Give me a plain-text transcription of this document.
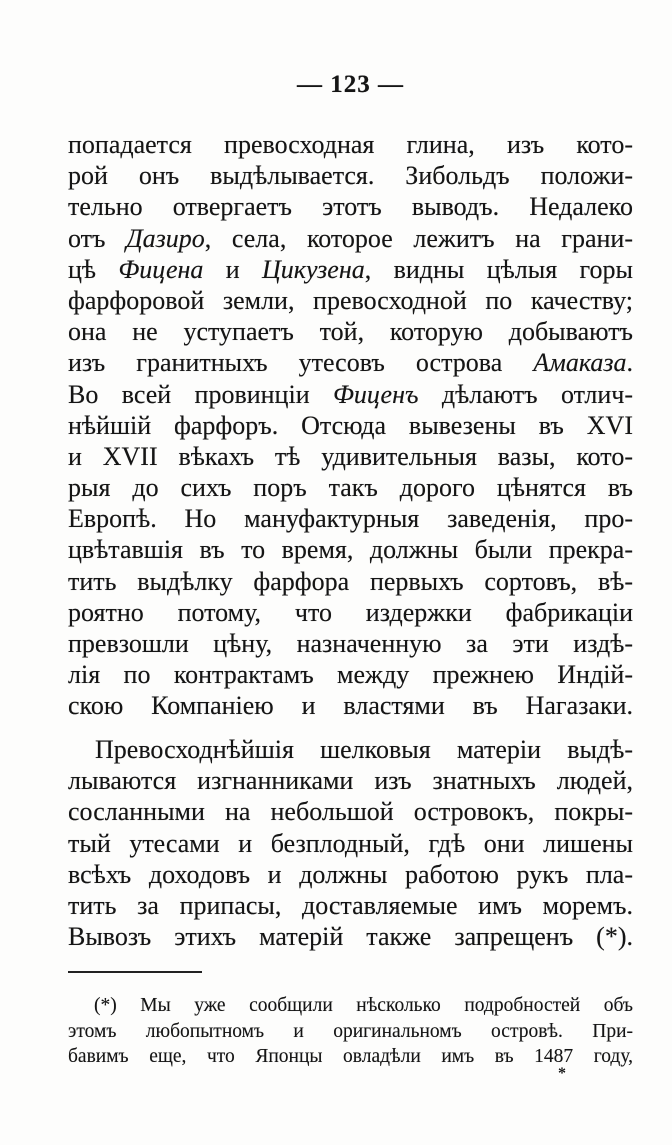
— 123 —
попадается превосходная глина, изъ кото-
рой онъ выдѣлывается. Зибольдъ положи-
тельно отвергаетъ этотъ выводъ. Недалеко
отъ Дазиро, села, которое лежитъ на грани-
цѣ Фицена и Цикузена, видны цѣлыя горы
фарфоровой земли, превосходной по качеству;
она не уступаетъ той, которую добываютъ
изъ гранитныхъ утесовъ острова Амаказа.
Во всей провинціи Фиценъ дѣлаютъ отлич-
нѣйшій фарфоръ. Отсюда вывезены въ XVI
и XVII вѣкахъ тѣ удивительныя вазы, кото-
рыя до сихъ поръ такъ дорого цѣнятся въ
Европѣ. Но мануфактурныя заведенія, про-
цвѣтавшія въ то время, должны были прекра-
тить выдѣлку фарфора первыхъ сортовъ, вѣ-
роятно потому, что издержки фабрикаціи
превзошли цѣну, назначенную за эти издѣ-
лія по контрактамъ между прежнею Индій-
скою Компаніею и властями въ Нагазаки.
Превосходнѣйшія шелковыя матеріи выдѣ-
лываются изгнанниками изъ знатныхъ людей,
сосланными на небольшой островокъ, покры-
тый утесами и безплодный, гдѣ они лишены
всѣхъ доходовъ и должны работою рукъ пла-
тить за припасы, доставляемые имъ моремъ.
Вывозъ этихъ матерій также запрещенъ (*).
(*) Мы уже сообщили нѣсколько подробностей объ
этомъ любопытномъ и оригинальномъ островѣ. При-
бавимъ еще, что Японцы овладѣли имъ въ 1487 году,
*
